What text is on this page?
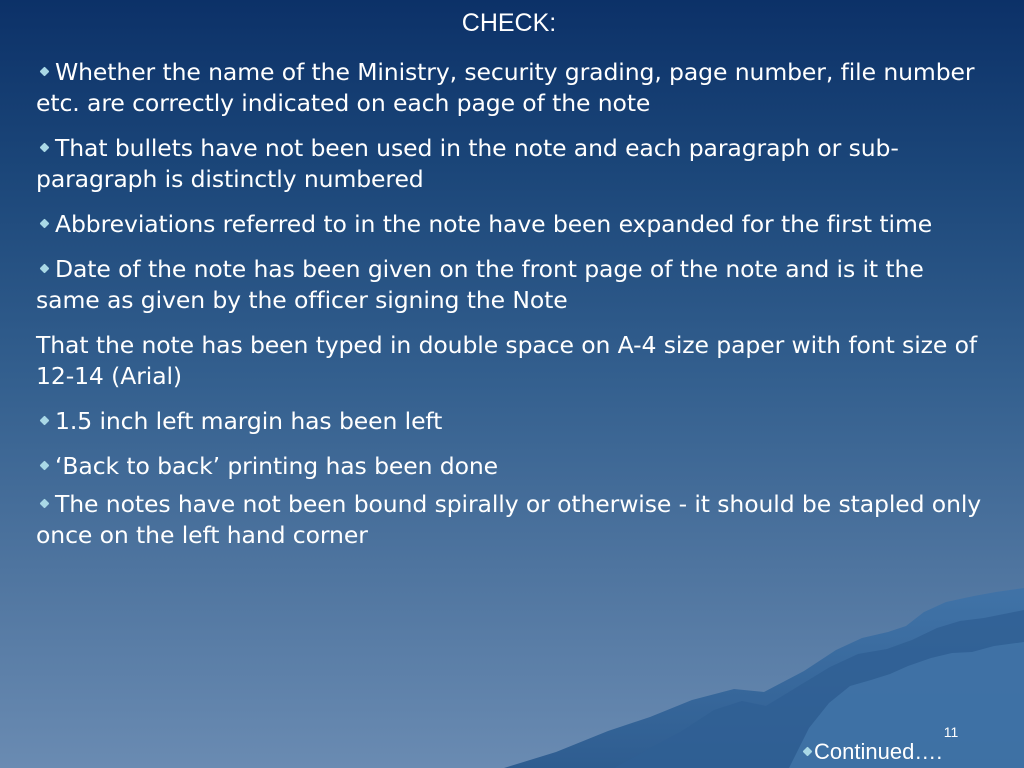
CHECK:

Whether the name of the Ministry, security grading, page number, file number etc. are correctly indicated on each page of the note

That bullets have not been used in the note and each paragraph or sub-paragraph is distinctly numbered

Abbreviations referred to in the note have been expanded for the first time

Date of the note has been given on the front page of the note and is it the same as given by the officer signing the Note

That the note has been typed in double space on A-4 size paper with font size of 12-14 (Arial)

1.5 inch left margin has been left

‘Back to back’ printing has been done

The notes have not been bound spirally or otherwise - it should be stapled only once on the left hand corner

11
Continued….
